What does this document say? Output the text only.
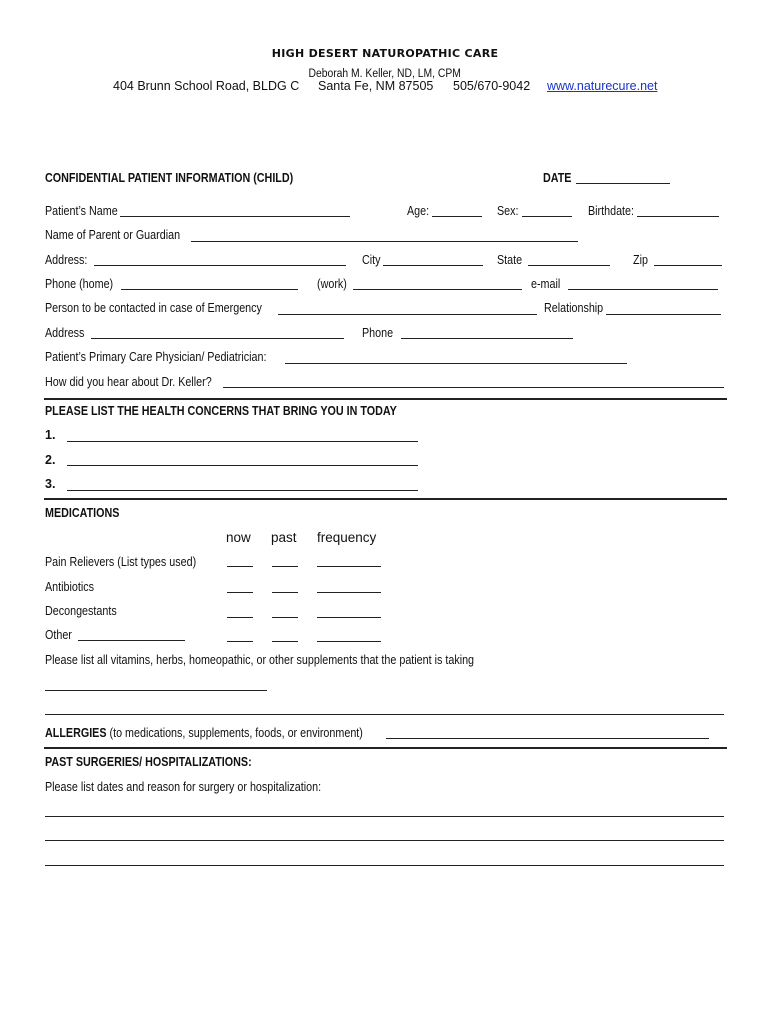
HIGH DESERT NATUROPATHIC CARE
Deborah M. Keller, ND, LM, CPM
404 Brunn School Road, BLDG C Santa Fe, NM 87505 505/670-9042 www.naturecure.net
CONFIDENTIAL PATIENT INFORMATION (CHILD)	DATE
Patient’s Name	Age:	Sex:	Birthdate:
Name of Parent or Guardian
Address:	City	State	Zip
Phone (home)	(work)	e-mail
Person to be contacted in case of Emergency	Relationship
Address	Phone
Patient’s Primary Care Physician/ Pediatrician:
How did you hear about Dr. Keller?
PLEASE LIST THE HEALTH CONCERNS THAT BRING YOU IN TODAY
1.
2.
3.
MEDICATIONS
now past frequency
Pain Relievers (List types used)
Antibiotics
Decongestants
Other
Please list all vitamins, herbs, homeopathic, or other supplements that the patient is taking
ALLERGIES (to medications, supplements, foods, or environment)
PAST SURGERIES/ HOSPITALIZATIONS:
Please list dates and reason for surgery or hospitalization:
